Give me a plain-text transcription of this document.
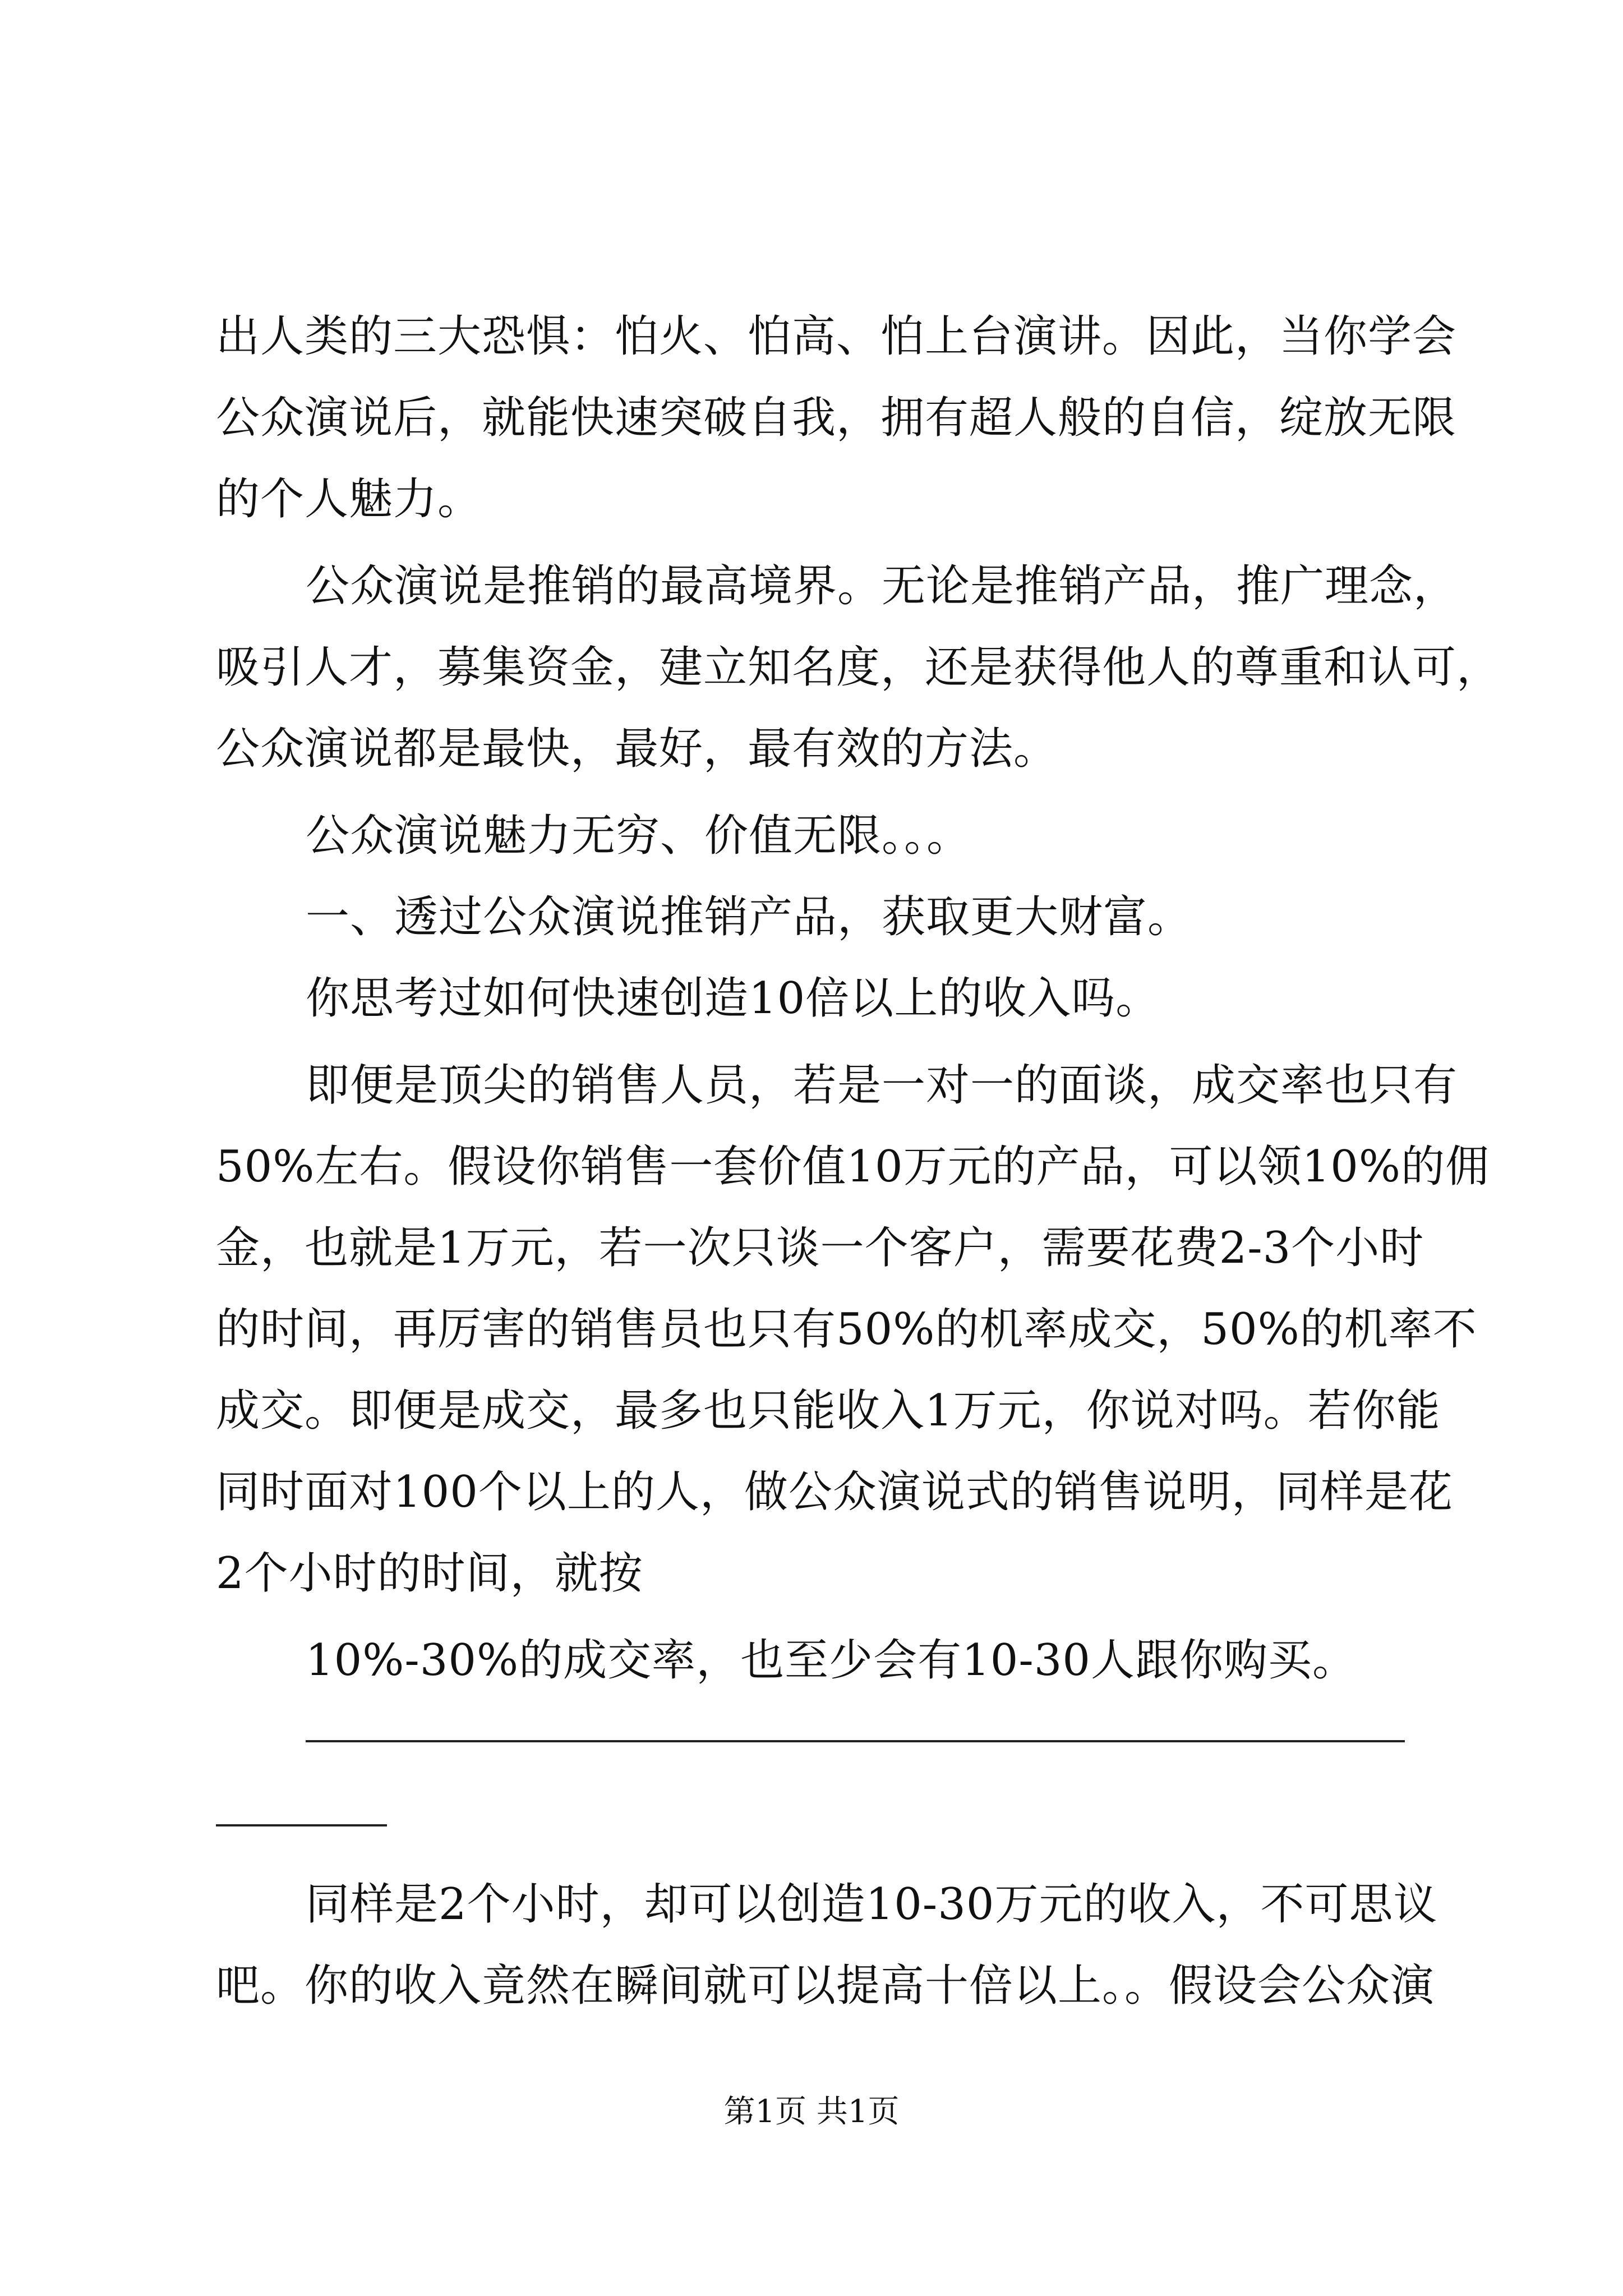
出人类的三大恐惧：怕火、怕高、怕上台演讲。因此，当你学会
公众演说后，就能快速突破自我，拥有超人般的自信，绽放无限
的个人魅力。
公众演说是推销的最高境界。无论是推销产品，推广理念，
吸引人才，募集资金，建立知名度，还是获得他人的尊重和认可，
公众演说都是最快，最好，最有效的方法。
公众演说魅力无穷、价值无限。。。
一、透过公众演说推销产品，获取更大财富。
你思考过如何快速创造10倍以上的收入吗。
即便是顶尖的销售人员，若是一对一的面谈，成交率也只有
50%左右。假设你销售一套价值10万元的产品，可以领10%的佣
金，也就是1万元，若一次只谈一个客户，需要花费2-3个小时
的时间，再厉害的销售员也只有50%的机率成交，50%的机率不
成交。即便是成交，最多也只能收入1万元，你说对吗。若你能
同时面对100个以上的人，做公众演说式的销售说明，同样是花
2个小时的时间，就按
10%-30%的成交率，也至少会有10-30人跟你购买。
同样是2个小时，却可以创造10-30万元的收入，不可思议
吧。你的收入竟然在瞬间就可以提高十倍以上。。假设会公众演
第1页 共1页
